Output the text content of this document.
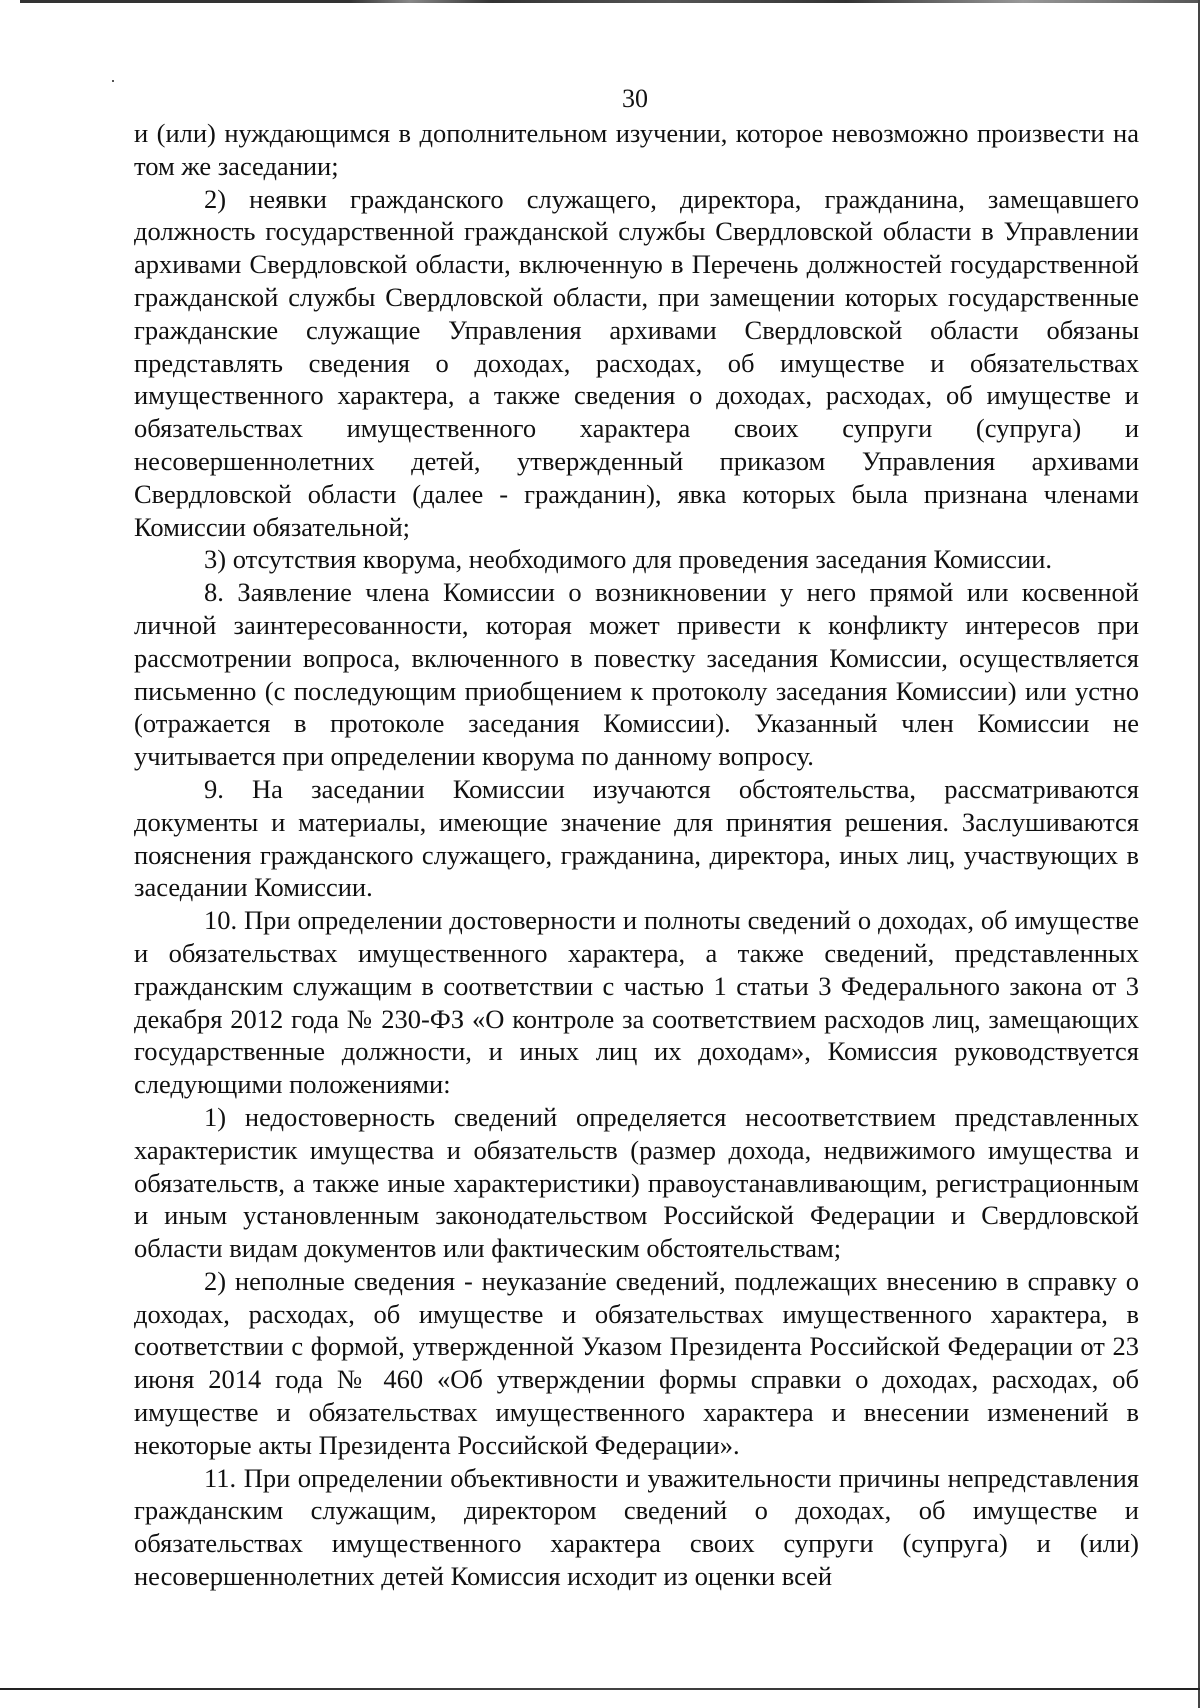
30

и (или) нуждающимся в дополнительном изучении, которое невозможно произвести на том же заседании;

2) неявки гражданского служащего, директора, гражданина, замещавшего должность государственной гражданской службы Свердловской области в Управлении архивами Свердловской области, включенную в Перечень должностей государственной гражданской службы Свердловской области, при замещении которых государственные гражданские служащие Управления архивами Свердловской области обязаны представлять сведения о доходах, расходах, об имуществе и обязательствах имущественного характера, а также сведения о доходах, расходах, об имуществе и обязательствах имущественного характера своих супруги (супруга) и несовершеннолетних детей, утвержденный приказом Управления архивами Свердловской области (далее - гражданин), явка которых была признана членами Комиссии обязательной;

3) отсутствия кворума, необходимого для проведения заседания Комиссии.

8. Заявление члена Комиссии о возникновении у него прямой или косвенной личной заинтересованности, которая может привести к конфликту интересов при рассмотрении вопроса, включенного в повестку заседания Комиссии, осуществляется письменно (с последующим приобщением к протоколу заседания Комиссии) или устно (отражается в протоколе заседания Комиссии). Указанный член Комиссии не учитывается при определении кворума по данному вопросу.

9. На заседании Комиссии изучаются обстоятельства, рассматриваются документы и материалы, имеющие значение для принятия решения. Заслушиваются пояснения гражданского служащего, гражданина, директора, иных лиц, участвующих в заседании Комиссии.

10. При определении достоверности и полноты сведений о доходах, об имуществе и обязательствах имущественного характера, а также сведений, представленных гражданским служащим в соответствии с частью 1 статьи 3 Федерального закона от 3 декабря 2012 года № 230-ФЗ «О контроле за соответствием расходов лиц, замещающих государственные должности, и иных лиц их доходам», Комиссия руководствуется следующими положениями:

1) недостоверность сведений определяется несоответствием представленных характеристик имущества и обязательств (размер дохода, недвижимого имущества и обязательств, а также иные характеристики) правоустанавливающим, регистрационным и иным установленным законодательством Российской Федерации и Свердловской области видам документов или фактическим обстоятельствам;

2) неполные сведения - неуказание сведений, подлежащих внесению в справку о доходах, расходах, об имуществе и обязательствах имущественного характера, в соответствии с формой, утвержденной Указом Президента Российской Федерации от 23 июня 2014 года № 460 «Об утверждении формы справки о доходах, расходах, об имуществе и обязательствах имущественного характера и внесении изменений в некоторые акты Президента Российской Федерации».

11. При определении объективности и уважительности причины непредставления гражданским служащим, директором сведений о доходах, об имуществе и обязательствах имущественного характера своих супруги (супруга) и (или) несовершеннолетних детей Комиссия исходит из оценки всей
